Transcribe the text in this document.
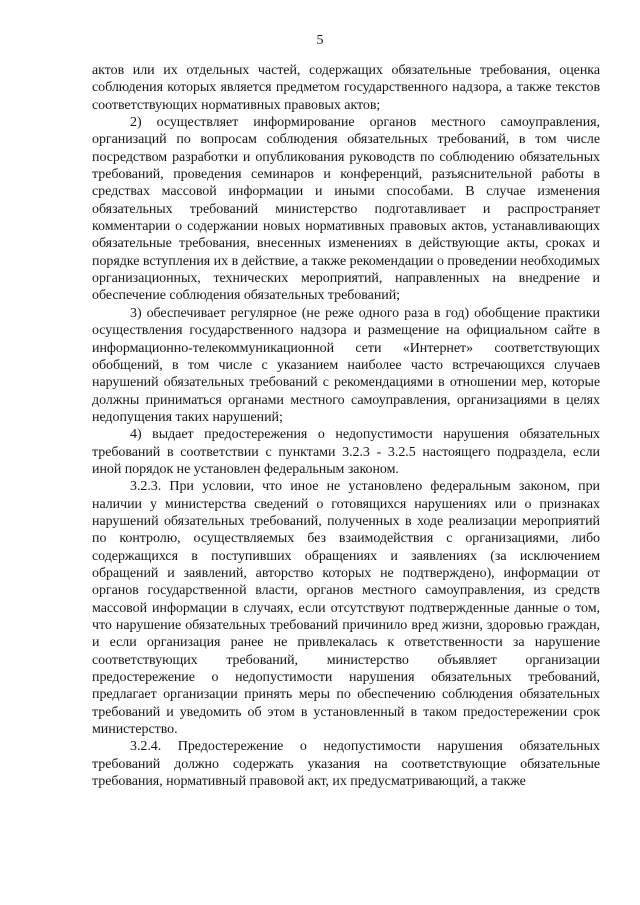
5

актов или их отдельных частей, содержащих обязательные требования, оценка соблюдения которых является предметом государственного надзора, а также текстов соответствующих нормативных правовых актов;

2) осуществляет информирование органов местного самоуправления, организаций по вопросам соблюдения обязательных требований, в том числе посредством разработки и опубликования руководств по соблюдению обязательных требований, проведения семинаров и конференций, разъяснительной работы в средствах массовой информации и иными способами. В случае изменения обязательных требований министерство подготавливает и распространяет комментарии о содержании новых нормативных правовых актов, устанавливающих обязательные требования, внесенных изменениях в действующие акты, сроках и порядке вступления их в действие, а также рекомендации о проведении необходимых организационных, технических мероприятий, направленных на внедрение и обеспечение соблюдения обязательных требований;

3) обеспечивает регулярное (не реже одного раза в год) обобщение практики осуществления государственного надзора и размещение на официальном сайте в информационно-телекоммуникационной сети «Интернет» соответствующих обобщений, в том числе с указанием наиболее часто встречающихся случаев нарушений обязательных требований с рекомендациями в отношении мер, которые должны приниматься органами местного самоуправления, организациями в целях недопущения таких нарушений;

4) выдает предостережения о недопустимости нарушения обязательных требований в соответствии с пунктами 3.2.3 - 3.2.5 настоящего подраздела, если иной порядок не установлен федеральным законом.

3.2.3. При условии, что иное не установлено федеральным законом, при наличии у министерства сведений о готовящихся нарушениях или о признаках нарушений обязательных требований, полученных в ходе реализации мероприятий по контролю, осуществляемых без взаимодействия с организациями, либо содержащихся в поступивших обращениях и заявлениях (за исключением обращений и заявлений, авторство которых не подтверждено), информации от органов государственной власти, органов местного самоуправления, из средств массовой информации в случаях, если отсутствуют подтвержденные данные о том, что нарушение обязательных требований причинило вред жизни, здоровью граждан, и если организация ранее не привлекалась к ответственности за нарушение соответствующих требований, министерство объявляет организации предостережение о недопустимости нарушения обязательных требований, предлагает организации принять меры по обеспечению соблюдения обязательных требований и уведомить об этом в установленный в таком предостережении срок министерство.

3.2.4. Предостережение о недопустимости нарушения обязательных требований должно содержать указания на соответствующие обязательные требования, нормативный правовой акт, их предусматривающий, а также
